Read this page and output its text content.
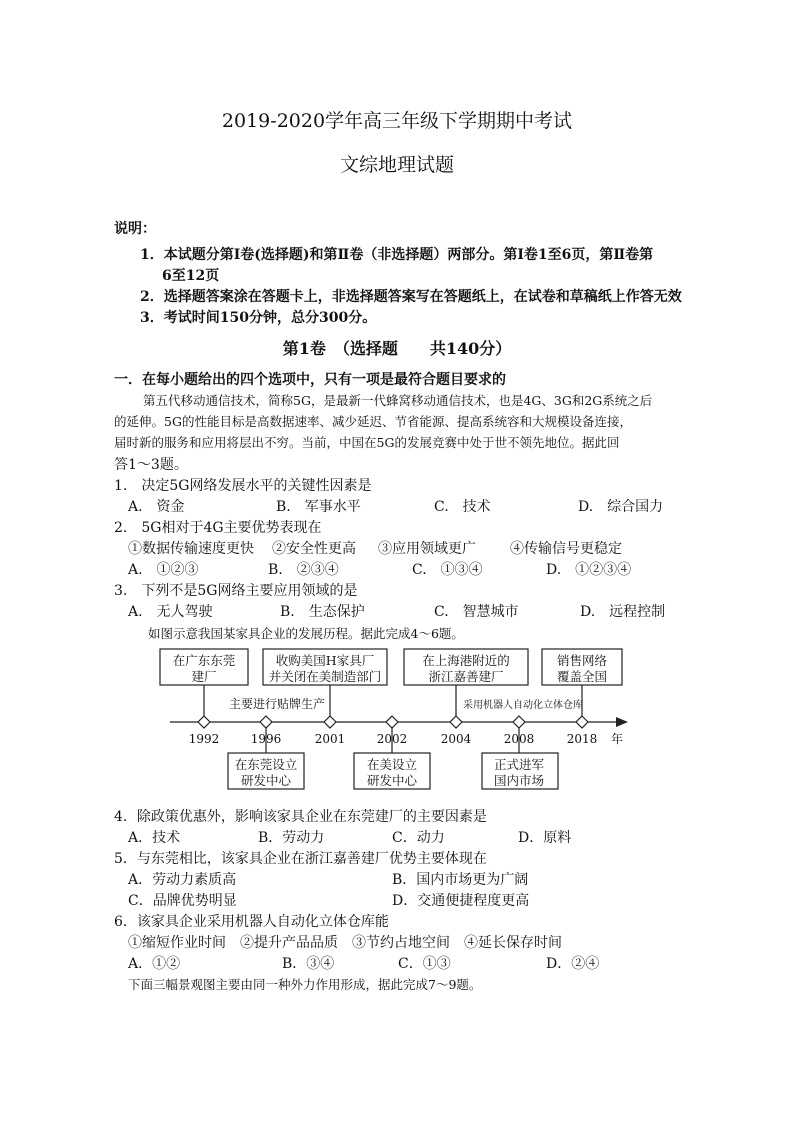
2019-2020学年高三年级下学期期中考试
文综地理试题
说明：
1．本试题分第Ⅰ卷(选择题)和第Ⅱ卷（非选择题）两部分。第Ⅰ卷1至6页，第Ⅱ卷第
6至12页
2．选择题答案涂在答题卡上，非选择题答案写在答题纸上，在试卷和草稿纸上作答无效
3．考试时间150分钟，总分300分。
第1卷　（选择题　　共140分）
一．在每小题给出的四个选项中，只有一项是最符合题目要求的
第五代移动通信技术，简称5G，是最新一代蜂窝移动通信技术，也是4G、3G和2G系统之后
的延伸。5G的性能目标是高数据速率、减少延迟、节省能源、提高系统容和大规模设备连接，
届时新的服务和应用将层出不穷。当前，中国在5G的发展竞赛中处于世不领先地位。据此回
答1～3题。
1.　决定5G网络发展水平的关键性因素是
A.　资金	B.　军事水平	C.　技术	D.　综合国力
2.　5G相对于4G主要优势表现在
①数据传输速度更快 ②安全性更高 ③应用领域更广 ④传输信号更稳定
A.　①②③	B.　②③④	C.　①③④	D.　①②③④
3.　下列不是5G网络主要应用领域的是
A.　无人驾驶	B.　生态保护	C.　智慧城市	D.　远程控制
如图示意我国某家具企业的发展历程。据此完成4～6题。
在广东东莞
建厂
收购美国H家具厂
并关闭在美制造部门
在上海港附近的
浙江嘉善建厂
销售网络
覆盖全国
在东莞设立
研发中心
在美设立
研发中心
正式进军
国内市场
主要进行贴牌生产	采用机器人自动化立体仓库
1992	1996	2001	2002	2004	2008	2018 年
4．除政策优惠外，影响该家具企业在东莞建厂的主要因素是
A．技术	B．劳动力	C．动力	D．原料
5．与东莞相比，该家具企业在浙江嘉善建厂优势主要体现在
A．劳动力素质高	B．国内市场更为广阔
C．品牌优势明显	D．交通便捷程度更高
6．该家具企业采用机器人自动化立体仓库能
①缩短作业时间　②提升产品品质　③节约占地空间　④延长保存时间
A．①②	B．③④	C．①③	D．②④
下面三幅景观图主要由同一种外力作用形成，据此完成7～9题。
